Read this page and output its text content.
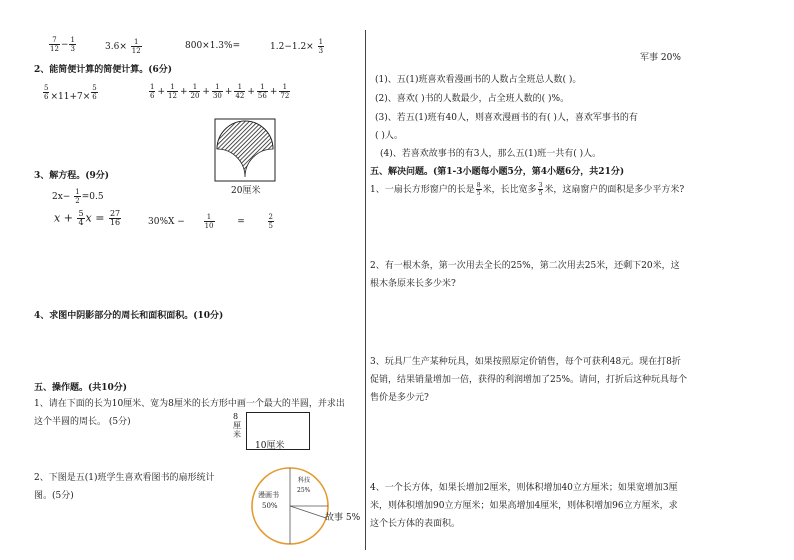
$\frac{7}{12} - \frac{1}{3}$	$3.6\times \frac{1}{12}$	800×1.3%=	$1.2-1.2\times \frac{1}{3}$
2、能简便计算的简便计算。(6分)
$\frac{5}{6} \times 11+7\times \frac{5}{6}$	$\frac{1}{6} + \frac{1}{12} + \frac{1}{20} + \frac{1}{30} + \frac{1}{42} + \frac{1}{56} + \frac{1}{72}$
20厘米
3、解方程。(9分)
$2x- \frac{1}{2} =0.5$
$x + \frac{5}{4}$ $x = \frac{27}{16}$	30%X −	$\frac{1}{10}$	=	$\frac{2}{5}$
4、求图中阴影部分的周长和面积面积。(10分)
五、操作题。(共10分)
1、请在下面的长为10厘米、宽为8厘米的长方形中画一个最大的半圆，并求出
这个半圆的周长。 (5分)
8厘米
10厘米
2、下图是五(1)班学生喜欢看图书的扇形统计
图。(5分)	漫画书
50%
科技
25%
故事 5%
军事 20%
(1)、五(1)班喜欢看漫画书的人数占全班总人数( )。
(2)、喜欢( )书的人数最少，占全班人数的( )%。
(3)、若五(1)班有40人，则喜欢漫画书的有( )人，喜欢军事书的有
( )人。
(4)、若喜欢故事书的有3人，那么五(1)班一共有( )人。
五、解决问题。(第1-3小题每小题5分，第4小题6分，共21分)
1、一扇长方形窗户的长是 $\frac{8}{5}$ 米，长比宽多 $\frac{3}{5}$ 米，这扇窗户的面积是多少平方米?
2、有一根木条，第一次用去全长的25%，第二次用去25米，还剩下20米，这
根木条原来长多少米?
3、玩具厂生产某种玩具，如果按照原定价销售，每个可获利48元。现在打8折
促销，结果销量增加一倍，获得的利润增加了25%。请问，打折后这种玩具每个
售价是多少元?
4、一个长方体，如果长增加2厘米，则体积增加40立方厘米；如果宽增加3厘
米，则体积增加90立方厘米；如果高增加4厘米，则体积增加96立方厘米，求
这个长方体的表面积。
